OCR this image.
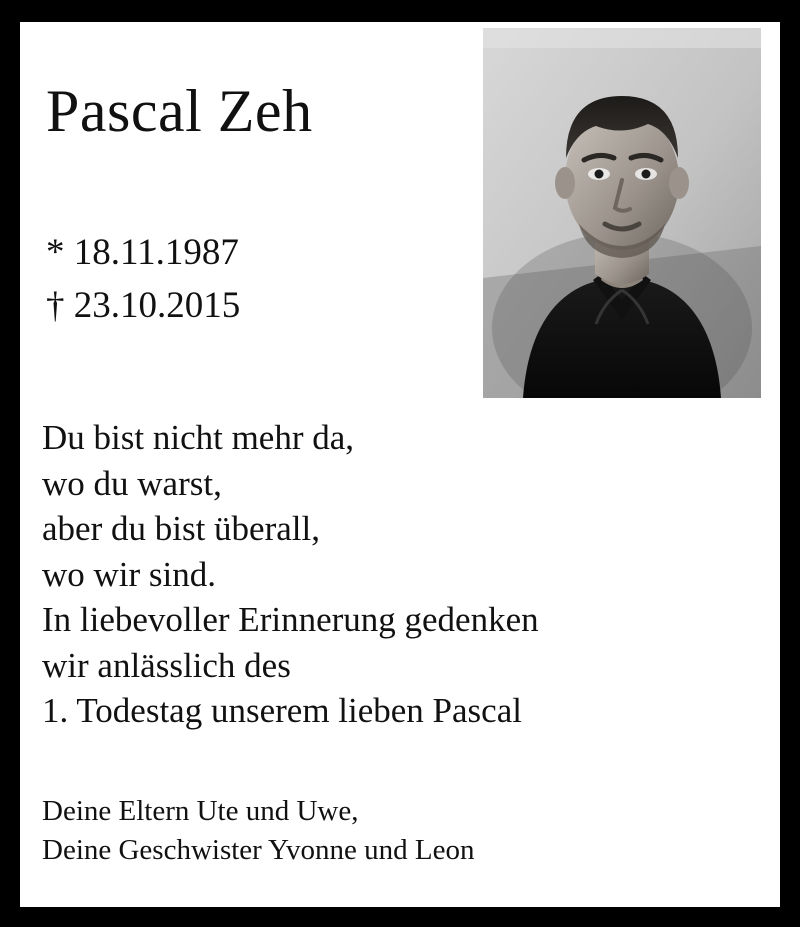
Pascal Zeh
* 18.11.1987
† 23.10.2015
Du bist nicht mehr da,
wo du warst,
aber du bist überall,
wo wir sind.
In liebevoller Erinnerung gedenken
wir anlässlich des
1. Todestag unserem lieben Pascal
Deine Eltern Ute und Uwe,
Deine Geschwister Yvonne und Leon
